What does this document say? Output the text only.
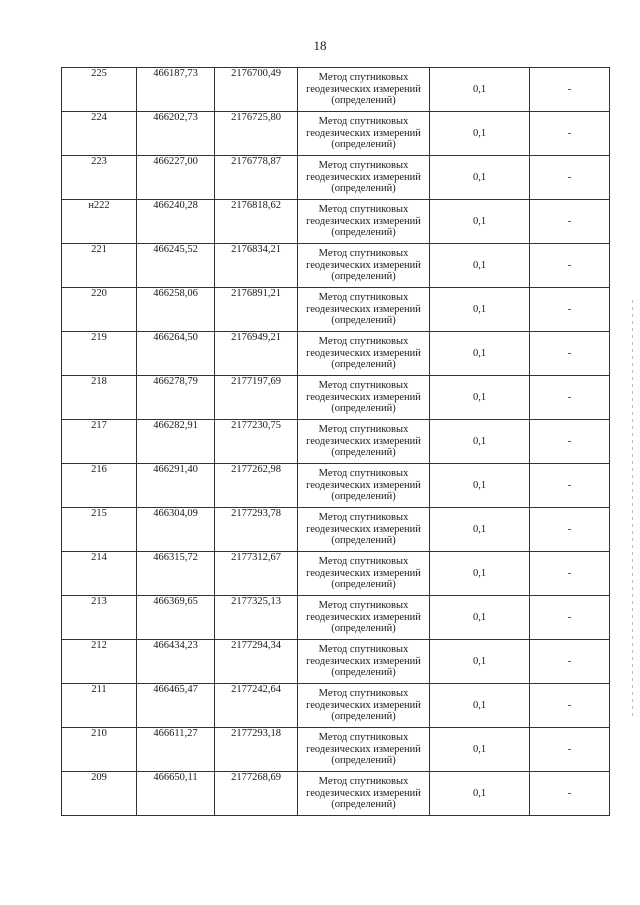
18
225	466187,73	2176700,49	Метод спутниковых геодезических измерений (определений)	0,1	-
224	466202,73	2176725,80	Метод спутниковых геодезических измерений (определений)	0,1	-
223	466227,00	2176778,87	Метод спутниковых геодезических измерений (определений)	0,1	-
н222	466240,28	2176818,62	Метод спутниковых геодезических измерений (определений)	0,1	-
221	466245,52	2176834,21	Метод спутниковых геодезических измерений (определений)	0,1	-
220	466258,06	2176891,21	Метод спутниковых геодезических измерений (определений)	0,1	-
219	466264,50	2176949,21	Метод спутниковых геодезических измерений (определений)	0,1	-
218	466278,79	2177197,69	Метод спутниковых геодезических измерений (определений)	0,1	-
217	466282,91	2177230,75	Метод спутниковых геодезических измерений (определений)	0,1	-
216	466291,40	2177262,98	Метод спутниковых геодезических измерений (определений)	0,1	-
215	466304,09	2177293,78	Метод спутниковых геодезических измерений (определений)	0,1	-
214	466315,72	2177312,67	Метод спутниковых геодезических измерений (определений)	0,1	-
213	466369,65	2177325,13	Метод спутниковых геодезических измерений (определений)	0,1	-
212	466434,23	2177294,34	Метод спутниковых геодезических измерений (определений)	0,1	-
211	466465,47	2177242,64	Метод спутниковых геодезических измерений (определений)	0,1	-
210	466611,27	2177293,18	Метод спутниковых геодезических измерений (определений)	0,1	-
209	466650,11	2177268,69	Метод спутниковых геодезических измерений (определений)	0,1	-
